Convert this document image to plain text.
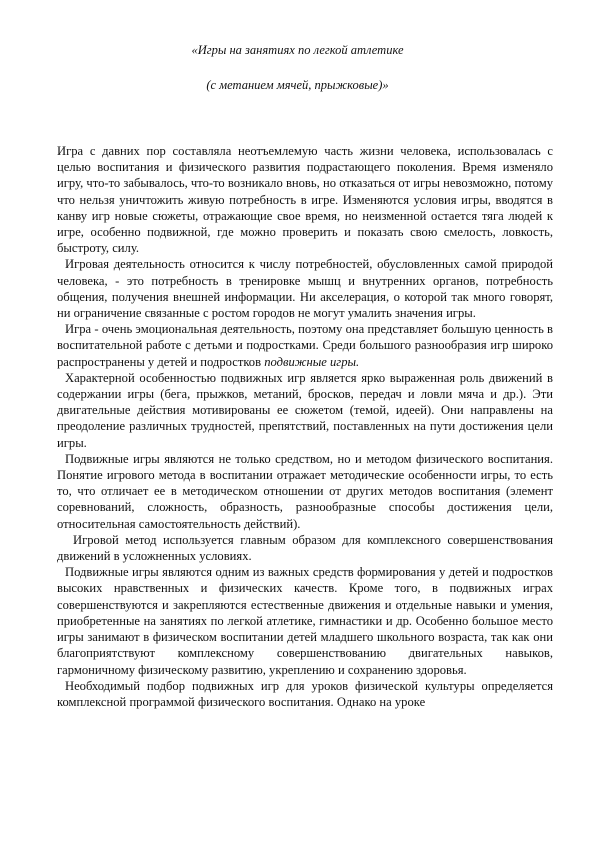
«Игры на занятиях по легкой атлетике
(с метанием мячей, прыжковые)»

Игра с давних пор составляла неотъемлемую часть жизни человека, использовалась с целью воспитания и физического развития подрастающего поколения. Время изменяло игру, что-то забывалось, что-то возникало вновь, но отказаться от игры невозможно, потому что нельзя уничтожить живую потребность в игре. Изменяются условия игры, вводятся в канву игр новые сюжеты, отражающие свое время, но неизменной остается тяга людей к игре, особенно подвижной, где можно проверить и показать свою смелость, ловкость, быстроту, силу.

Игровая деятельность относится к числу потребностей, обусловленных самой природой человека, - это потребность в тренировке мышц и внутренних органов, потребность общения, получения внешней информации. Ни акселерация, о которой так много говорят, ни ограничение связанные с ростом городов не могут умалить значения игры.

Игра - очень эмоциональная деятельность, поэтому она представляет большую ценность в воспитательной работе с детьми и подростками. Среди большого разнообразия игр широко распространены у детей и подростков подвижные игры.

Характерной особенностью подвижных игр является ярко выраженная роль движений в содержании игры (бега, прыжков, метаний, бросков, передач и ловли мяча и др.). Эти двигательные действия мотивированы ее сюжетом (темой, идеей). Они направлены на преодоление различных трудностей, препятствий, поставленных на пути достижения цели игры.

Подвижные игры являются не только средством, но и методом физического воспитания. Понятие игрового метода в воспитании отражает методические особенности игры, то есть то, что отличает ее в методическом отношении от других методов воспитания (элемент соревнований, сложность, образность, разнообразные способы достижения цели, относительная самостоятельность действий).

Игровой метод используется главным образом для комплексного совершенствования движений в усложненных условиях.

Подвижные игры являются одним из важных средств формирования у детей и подростков высоких нравственных и физических качеств. Кроме того, в подвижных играх совершенствуются и закрепляются естественные движения и отдельные навыки и умения, приобретенные на занятиях по легкой атлетике, гимнастики и др. Особенно большое место игры занимают в физическом воспитании детей младшего школьного возраста, так как они благоприятствуют комплексному совершенствованию двигательных навыков, гармоничному физическому развитию, укреплению и сохранению здоровья.

Необходимый подбор подвижных игр для уроков физической культуры определяется комплексной программой физического воспитания. Однако на уроке
